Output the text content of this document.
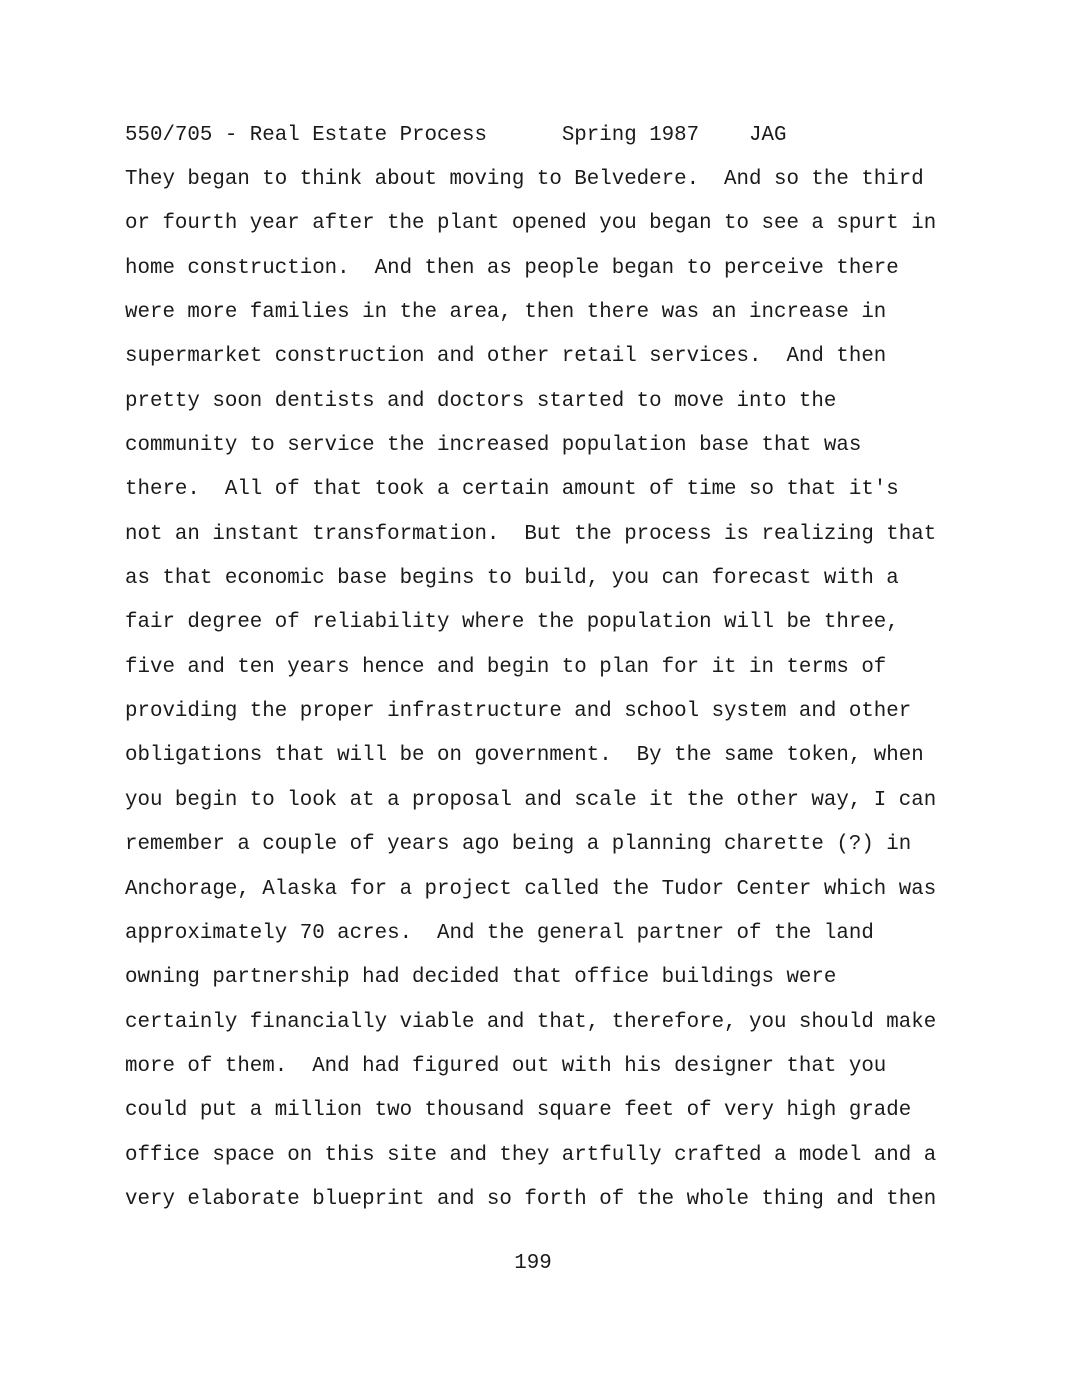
550/705 - Real Estate Process	Spring 1987 JAG
They began to think about moving to Belvedere.  And so the third
or fourth year after the plant opened you began to see a spurt in
home construction.  And then as people began to perceive there
were more families in the area, then there was an increase in
supermarket construction and other retail services.  And then
pretty soon dentists and doctors started to move into the
community to service the increased population base that was
there.  All of that took a certain amount of time so that it's
not an instant transformation.  But the process is realizing that
as that economic base begins to build, you can forecast with a
fair degree of reliability where the population will be three,
five and ten years hence and begin to plan for it in terms of
providing the proper infrastructure and school system and other
obligations that will be on government.  By the same token, when
you begin to look at a proposal and scale it the other way, I can
remember a couple of years ago being a planning charette (?) in
Anchorage, Alaska for a project called the Tudor Center which was
approximately 70 acres.  And the general partner of the land
owning partnership had decided that office buildings were
certainly financially viable and that, therefore, you should make
more of them.  And had figured out with his designer that you
could put a million two thousand square feet of very high grade
office space on this site and they artfully crafted a model and a
very elaborate blueprint and so forth of the whole thing and then
199
